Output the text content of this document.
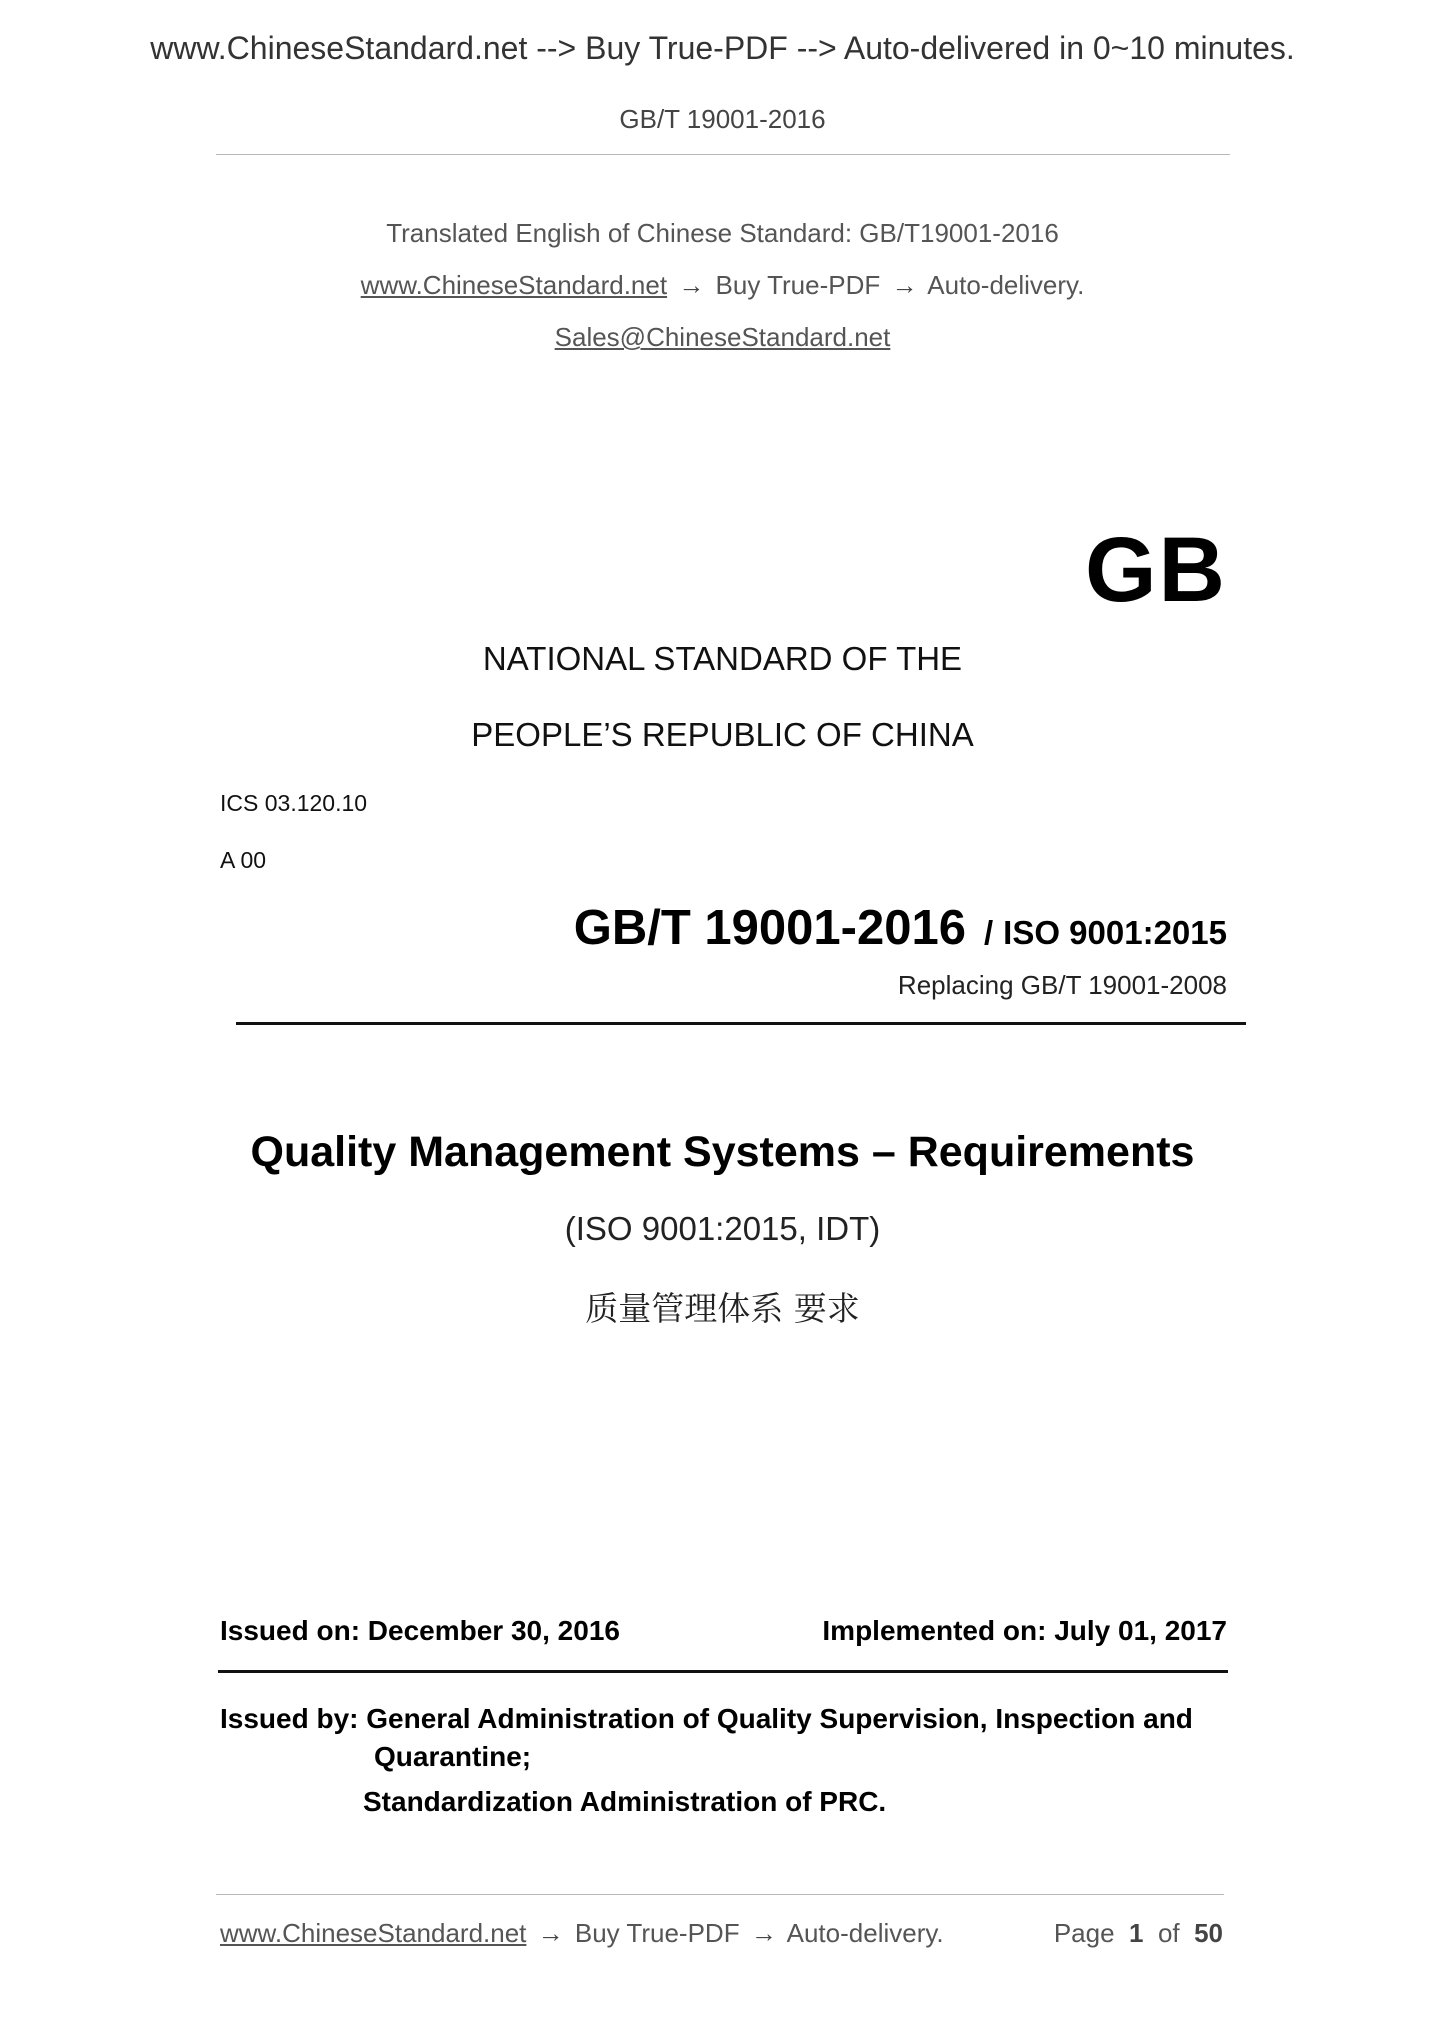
www.ChineseStandard.net --> Buy True-PDF --> Auto-delivered in 0~10 minutes.
GB/T 19001-2016
Translated English of Chinese Standard: GB/T19001-2016
www.ChineseStandard.net → Buy True-PDF → Auto-delivery.
Sales@ChineseStandard.net
GB
NATIONAL STANDARD OF THE
PEOPLE’S REPUBLIC OF CHINA
ICS 03.120.10
A 00
GB/T 19001-2016 / ISO 9001:2015
Replacing GB/T 19001-2008
Quality Management Systems – Requirements
(ISO 9001:2015, IDT)
质量管理体系 要求
Issued on: December 30, 2016	Implemented on: July 01, 2017
Issued by: General Administration of Quality Supervision, Inspection and
Quarantine;
Standardization Administration of PRC.
www.ChineseStandard.net → Buy True-PDF → Auto-delivery.	Page 1 of 50
